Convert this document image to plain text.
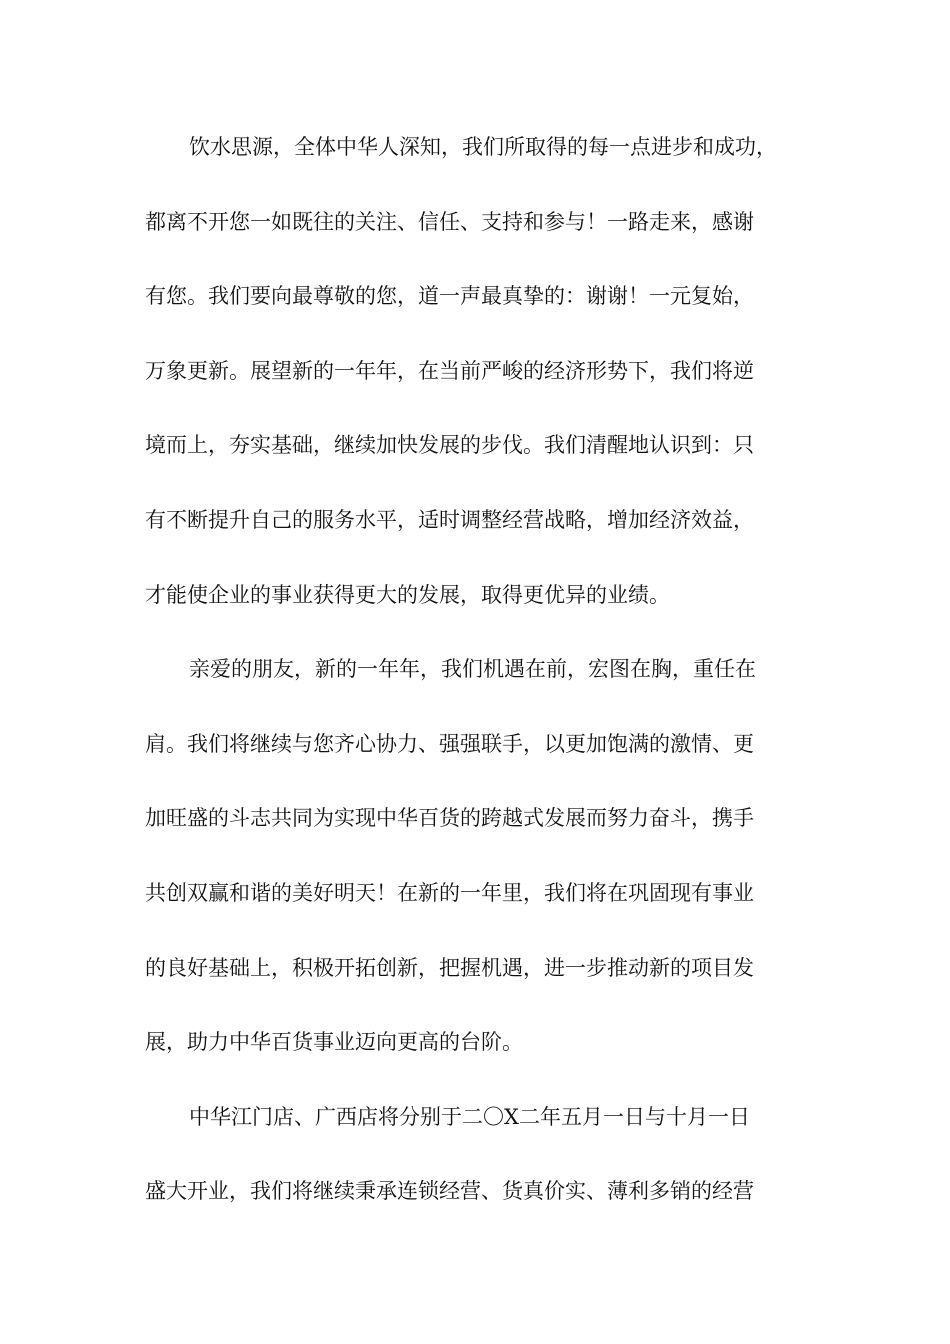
饮水思源，全体中华人深知，我们所取得的每一点进步和成功，
都离不开您一如既往的关注、信任、支持和参与！一路走来，感谢
有您。我们要向最尊敬的您，道一声最真挚的：谢谢！一元复始，
万象更新。展望新的一年年，在当前严峻的经济形势下，我们将逆
境而上，夯实基础，继续加快发展的步伐。我们清醒地认识到：只
有不断提升自己的服务水平，适时调整经营战略，增加经济效益，
才能使企业的事业获得更大的发展，取得更优异的业绩。
亲爱的朋友，新的一年年，我们机遇在前，宏图在胸，重任在
肩。我们将继续与您齐心协力、强强联手，以更加饱满的激情、更
加旺盛的斗志共同为实现中华百货的跨越式发展而努力奋斗，携手
共创双赢和谐的美好明天！在新的一年里，我们将在巩固现有事业
的良好基础上，积极开拓创新，把握机遇，进一步推动新的项目发
展，助力中华百货事业迈向更高的台阶。
中华江门店、广西店将分别于二〇X二年五月一日与十月一日
盛大开业，我们将继续秉承连锁经营、货真价实、薄利多销的经营
